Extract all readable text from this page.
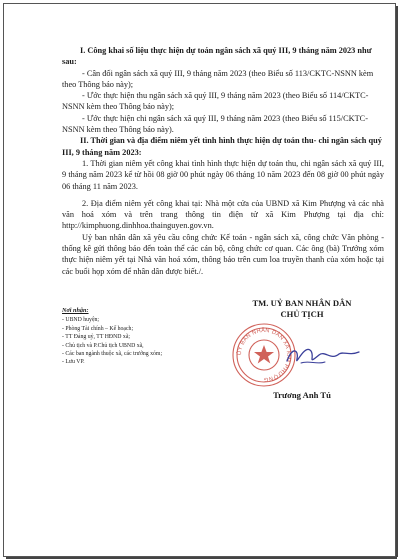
I. Công khai số liệu thực hiện dự toán ngân sách xã quý III, 9 tháng năm 2023 như sau:

- Cân đối ngân sách xã quý III, 9 tháng năm 2023 (theo Biểu số 113/CKTC-NSNN kèm theo Thông báo này);

- Ước thực hiện thu ngân sách xã quý III, 9 tháng năm 2023 (theo Biểu số 114/CKTC-NSNN kèm theo Thông báo này);

- Ước thực hiện chi ngân sách xã quý III, 9 tháng năm 2023 (theo Biểu số 115/CKTC-NSNN kèm theo Thông báo này).

II. Thời gian và địa điểm niêm yết tình hình thực hiện dự toán thu- chi ngân sách quý III, 9 tháng năm 2023:

1. Thời gian niêm yết công khai tình hình thực hiện dự toán thu, chi ngân sách xã quý III, 9 tháng năm 2023 kể từ hồi 08 giờ 00 phút ngày 06 tháng 10 năm 2023 đến 08 giờ 00 phút ngày 06 tháng 11 năm 2023.

2. Địa điểm niêm yết công khai tại: Nhà một cửa của UBND xã Kim Phượng và các nhà văn hoá xóm và trên trang thông tin điện tử xã Kim Phượng tại địa chỉ: http://kimphuong.dinhhoa.thainguyen.gov.vn.

Uỷ ban nhân dân xã yêu cầu công chức Kế toán - ngân sách xã, công chức Văn phòng - thống kê gửi thông báo đến toàn thể các cán bộ, công chức cơ quan. Các ông (bà) Trưởng xóm thực hiện niêm yết tại Nhà văn hoá xóm, thông báo trên cum loa truyền thanh của xóm hoặc tại các buổi họp xóm để nhân dân được biết./.

Nơi nhận:

- UBND huyện;

- Phòng Tài chính – Kế hoạch;

- TT Đảng uỷ, TT HĐND xã;

- Chủ tịch và P.Chủ tịch UBND xã,

- Các ban ngành thuộc xã, các trưởng xóm;

- Lưu VP.

TM. UỶ BAN NHÂN DÂN
CHỦ TỊCH
ỦY BAN NHÂN DÂN XÃ KIM PHƯỢNG
Trương Anh Tú
